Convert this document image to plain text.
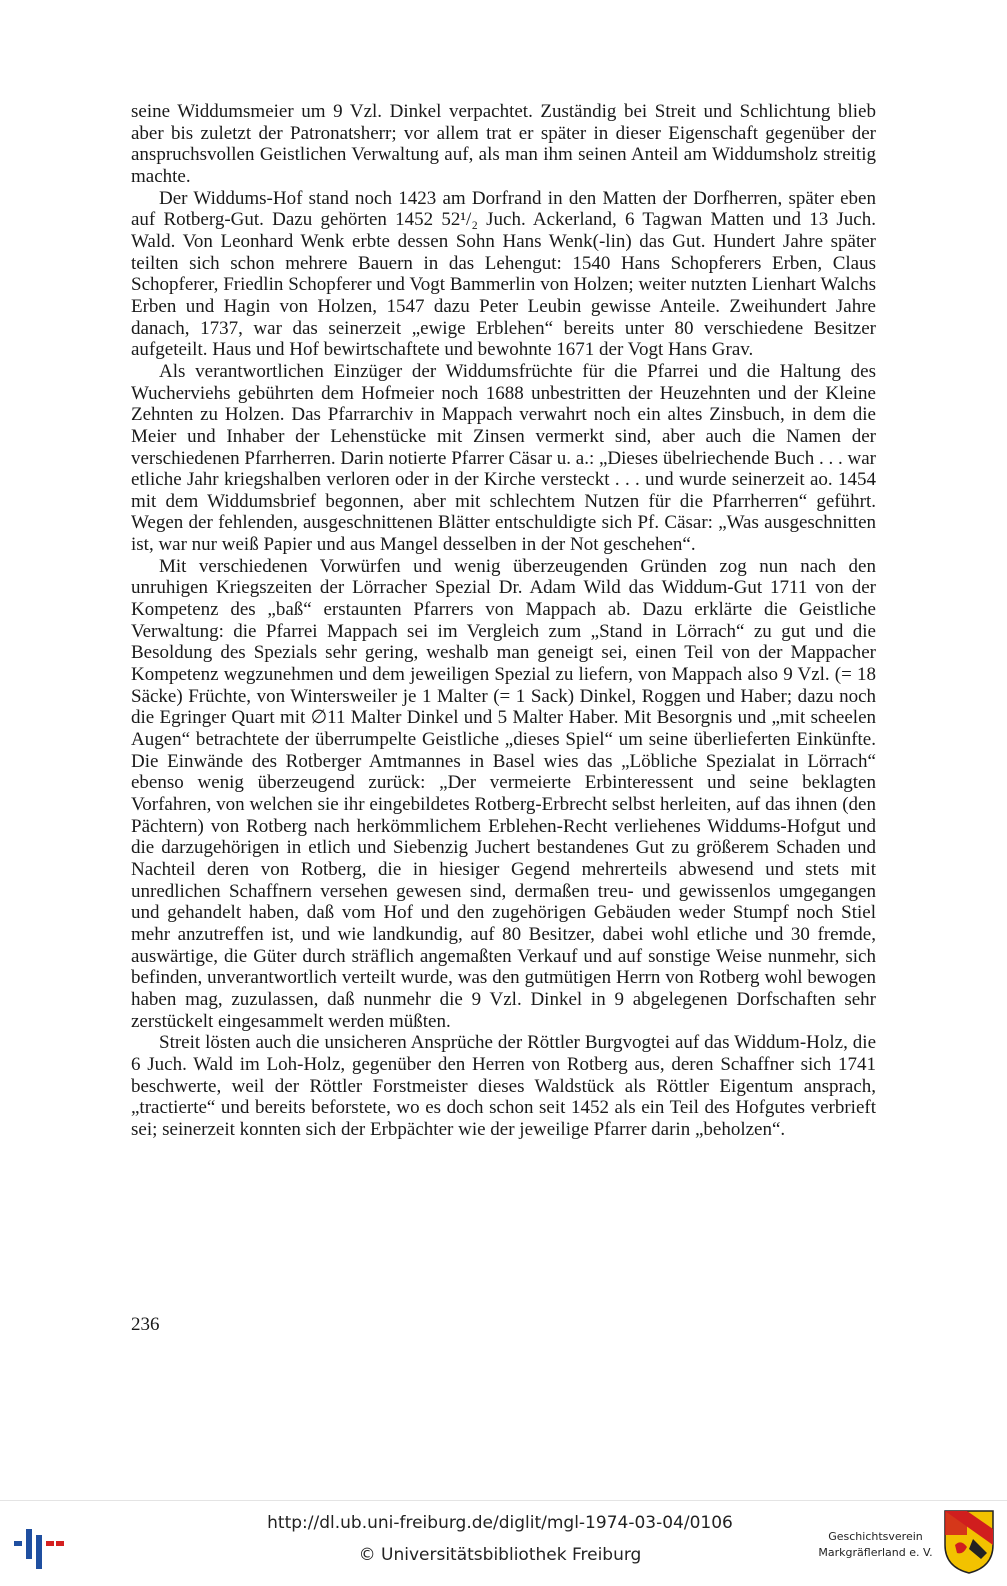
seine Widdumsmeier um 9 Vzl. Dinkel verpachtet. Zuständig bei Streit und Schlichtung blieb aber bis zuletzt der Patronatsherr; vor allem trat er später in dieser Eigenschaft gegenüber der anspruchsvollen Geistlichen Verwaltung auf, als man ihm seinen Anteil am Widdumsholz streitig machte.

Der Widdums-Hof stand noch 1423 am Dorfrand in den Matten der Dorfherren, später eben auf Rotberg-Gut. Dazu gehörten 1452 52¹/₂ Juch. Ackerland, 6 Tagwan Matten und 13 Juch. Wald. Von Leonhard Wenk erbte dessen Sohn Hans Wenk(-lin) das Gut. Hundert Jahre später teilten sich schon mehrere Bauern in das Lehengut: 1540 Hans Schopferers Erben, Claus Schopferer, Friedlin Schopferer und Vogt Bammerlin von Holzen; weiter nutzten Lienhart Walchs Erben und Hagin von Holzen, 1547 dazu Peter Leubin gewisse Anteile. Zweihundert Jahre danach, 1737, war das seinerzeit „ewige Erblehen“ bereits unter 80 verschiedene Besitzer aufgeteilt. Haus und Hof bewirtschaftete und bewohnte 1671 der Vogt Hans Grav.

Als verantwortlichen Einzüger der Widdumsfrüchte für die Pfarrei und die Haltung des Wucherviehs gebührten dem Hofmeier noch 1688 unbestritten der Heuzehnten und der Kleine Zehnten zu Holzen. Das Pfarrarchiv in Mappach verwahrt noch ein altes Zinsbuch, in dem die Meier und Inhaber der Lehenstücke mit Zinsen vermerkt sind, aber auch die Namen der verschiedenen Pfarrherren. Darin notierte Pfarrer Cäsar u. a.: „Dieses übelriechende Buch . . . war etliche Jahr kriegshalben verloren oder in der Kirche versteckt . . . und wurde seinerzeit ao. 1454 mit dem Widdumsbrief begonnen, aber mit schlechtem Nutzen für die Pfarrherren“ geführt. Wegen der fehlenden, ausgeschnittenen Blätter entschuldigte sich Pf. Cäsar: „Was ausgeschnitten ist, war nur weiß Papier und aus Mangel desselben in der Not geschehen“.

Mit verschiedenen Vorwürfen und wenig überzeugenden Gründen zog nun nach den unruhigen Kriegszeiten der Lörracher Spezial Dr. Adam Wild das Widdum-Gut 1711 von der Kompetenz des „baß“ erstaunten Pfarrers von Mappach ab. Dazu erklärte die Geistliche Verwaltung: die Pfarrei Mappach sei im Vergleich zum „Stand in Lörrach“ zu gut und die Besoldung des Spezials sehr gering, weshalb man geneigt sei, einen Teil von der Mappacher Kompetenz wegzunehmen und dem jeweiligen Spezial zu liefern, von Mappach also 9 Vzl. (= 18 Säcke) Früchte, von Wintersweiler je 1 Malter (= 1 Sack) Dinkel, Roggen und Haber; dazu noch die Egringer Quart mit ∅11 Malter Dinkel und 5 Malter Haber. Mit Besorgnis und „mit scheelen Augen“ betrachtete der überrumpelte Geistliche „dieses Spiel“ um seine überlieferten Einkünfte. Die Einwände des Rotberger Amtmannes in Basel wies das „Löbliche Spezialat in Lörrach“ ebenso wenig überzeugend zurück: „Der vermeierte Erbinteressent und seine beklagten Vorfahren, von welchen sie ihr eingebildetes Rotberg-Erbrecht selbst herleiten, auf das ihnen (den Pächtern) von Rotberg nach herkömmlichem Erblehen-Recht verliehenes Widdums-Hofgut und die darzugehörigen in etlich und Siebenzig Juchert bestandenes Gut zu größerem Schaden und Nachteil deren von Rotberg, die in hiesiger Gegend mehrerteils abwesend und stets mit unredlichen Schaffnern versehen gewesen sind, dermaßen treu- und gewissenlos umgegangen und gehandelt haben, daß vom Hof und den zugehörigen Gebäuden weder Stumpf noch Stiel mehr anzutreffen ist, und wie landkundig, auf 80 Besitzer, dabei wohl etliche und 30 fremde, auswärtige, die Güter durch sträflich angemaßten Verkauf und auf sonstige Weise nunmehr, sich befinden, unverantwortlich verteilt wurde, was den gutmütigen Herrn von Rotberg wohl bewogen haben mag, zuzulassen, daß nunmehr die 9 Vzl. Dinkel in 9 abgelegenen Dorfschaften sehr zerstückelt eingesammelt werden müßten.

Streit lösten auch die unsicheren Ansprüche der Röttler Burgvogtei auf das Widdum-Holz, die 6 Juch. Wald im Loh-Holz, gegenüber den Herren von Rotberg aus, deren Schaffner sich 1741 beschwerte, weil der Röttler Forstmeister dieses Waldstück als Röttler Eigentum ansprach, „tractierte“ und bereits beforstete, wo es doch schon seit 1452 als ein Teil des Hofgutes verbrieft sei; seinerzeit konnten sich der Erbpächter wie der jeweilige Pfarrer darin „beholzen“.

236
http://dl.ub.uni-freiburg.de/diglit/mgl-1974-03-04/0106
© Universitätsbibliothek Freiburg
Geschichtsverein
Markgräflerland e. V.
